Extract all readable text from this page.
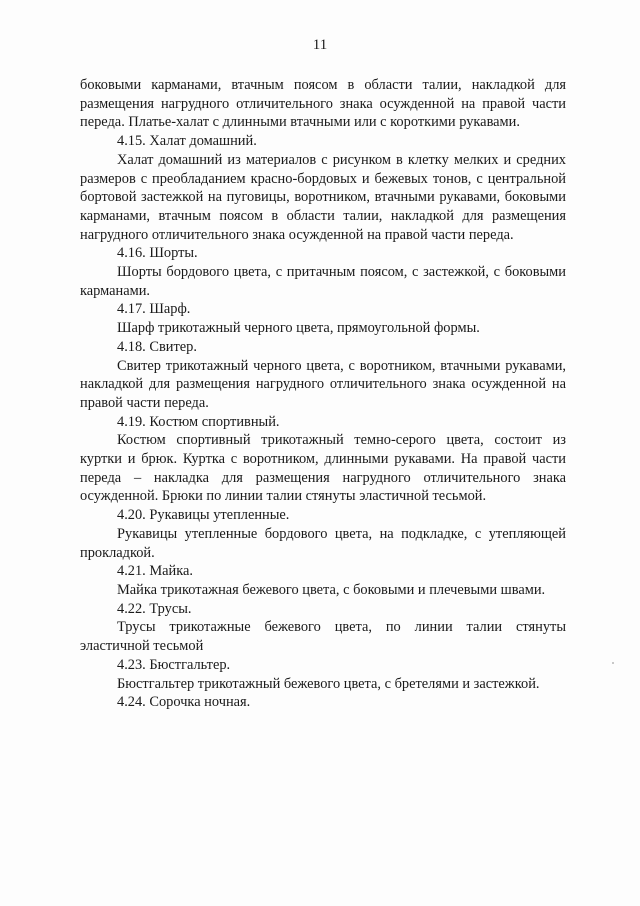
11

боковыми карманами, втачным поясом в области талии, накладкой для размещения нагрудного отличительного знака осужденной на правой части переда. Платье-халат с длинными втачными или с короткими рукавами.

4.15. Халат домашний.

Халат домашний из материалов с рисунком в клетку мелких и средних размеров с преобладанием красно-бордовых и бежевых тонов, с центральной бортовой застежкой на пуговицы, воротником, втачными рукавами, боковыми карманами, втачным поясом в области талии, накладкой для размещения нагрудного отличительного знака осужденной на правой части переда.

4.16. Шорты.

Шорты бордового цвета, с притачным поясом, с застежкой, с боковыми карманами.

4.17. Шарф.

Шарф трикотажный черного цвета, прямоугольной формы.

4.18. Свитер.

Свитер трикотажный черного цвета, с воротником, втачными рукавами, накладкой для размещения нагрудного отличительного знака осужденной на правой части переда.

4.19. Костюм спортивный.

Костюм спортивный трикотажный темно-серого цвета, состоит из куртки и брюк. Куртка с воротником, длинными рукавами. На правой части переда – накладка для размещения нагрудного отличительного знака осужденной. Брюки по линии талии стянуты эластичной тесьмой.

4.20. Рукавицы утепленные.

Рукавицы утепленные бордового цвета, на подкладке, с утепляющей прокладкой.

4.21. Майка.

Майка трикотажная бежевого цвета, с боковыми и плечевыми швами.

4.22. Трусы.

Трусы трикотажные бежевого цвета, по линии талии стянуты эластичной тесьмой

4.23. Бюстгальтер.

Бюстгальтер трикотажный бежевого цвета, с бретелями и застежкой.

4.24. Сорочка ночная.
